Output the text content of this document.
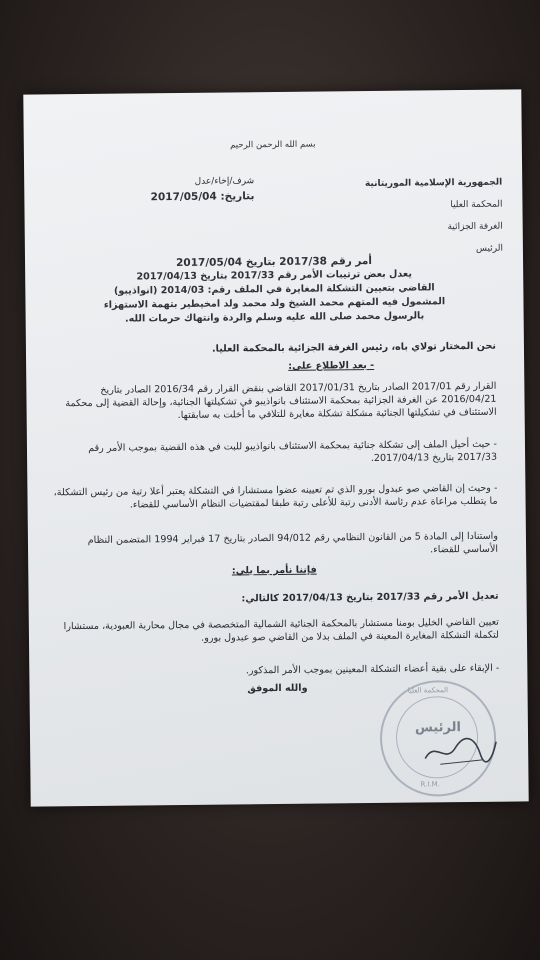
بسم الله الرحمن الرحيم
الجمهورية الإسلامية الموريتانية
المحكمة العليا
الغرفة الجزائية
الرئيس
شرف/إخاء/عدل
بتاريخ: 2017/05/04
أمر رقم 2017/38 بتاريخ 2017/05/04
يعدل بعض ترتيبات الأمر رقم 2017/33 بتاريخ 2017/04/13
القاضي بتعيين التشكلة المغايرة في الملف رقم: 2014/03 (انواذيبو)
المشمول فيه المتهم محمد الشيخ ولد محمد ولد امخيطير بتهمة الاستهزاء
بالرسول محمد صلى الله عليه وسلم والردة وانتهاك حرمات الله.
نحن المختار تولاي باه، رئيس الغرفة الجزائية بالمحكمة العليا.
- بعد الاطلاع على:
القرار رقم 2017/01 الصادر بتاريخ 2017/01/31 القاضي بنقض القرار رقم 2016/34 الصادر بتاريخ 2016/04/21 عن الغرفة الجزائية بمحكمة الاستئناف بانواذيبو في تشكيلتها الجنائية، وإحالة القضية إلى محكمة الاستئناف في تشكيلتها الجنائية مشكلة تشكلة مغايرة للتلافي ما أخلت به سابقتها.
- حيث أحيل الملف إلى تشكلة جنائية بمحكمة الاستئناف بانواذيبو للبت في هذه القضية بموجب الأمر رقم 2017/33 بتاريخ 2017/04/13.
- وحيث إن القاضي صو عبدول بورو الذي تم تعيينه عضوا مستشارا في التشكلة يعتبر أعلا رتبة من رئيس التشكلة، ما يتطلب مراعاة عدم رئاسة الأدنى رتبة للأعلى رتبة طبقا لمقتضيات النظام الأساسي للقضاء.
واستنادا إلى المادة 5 من القانون النظامي رقم 94/012 الصادر بتاريخ 17 فبراير 1994 المتضمن النظام الأساسي للقضاء.
فإننا نأمر بما يلي:
تعديل الأمر رقم 2017/33 بتاريخ 2017/04/13 كالتالي:
تعيين القاضي الخليل بومنا مستشار بالمحكمة الجنائية الشمالية المتخصصة في مجال محاربة العبودية، مستشارا لتكملة التشكلة المغايرة المعينة في الملف بدلا من القاضي صو عبدول بورو.
- الإبقاء على بقية أعضاء التشكلة المعينين بموجب الأمر المذكور.
والله الموفق	المحكمة العليا
R.I.M.
الرئيس
